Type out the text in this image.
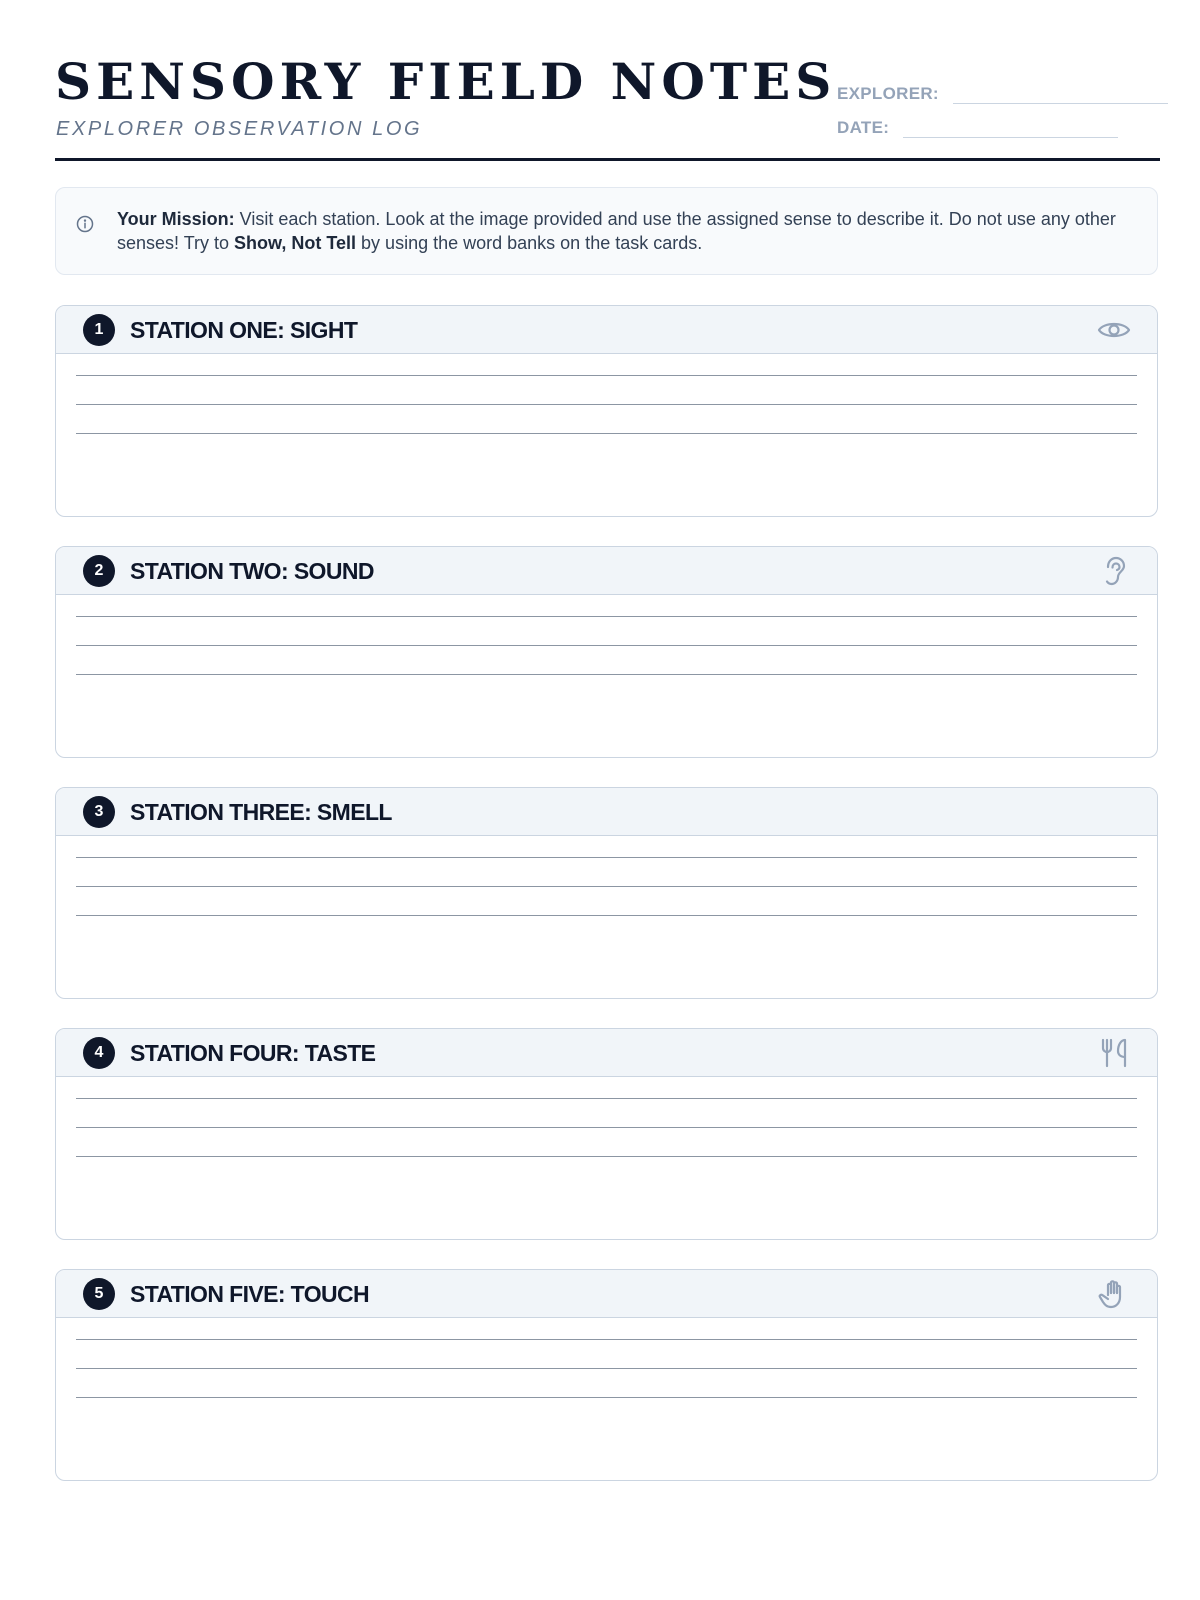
SENSORY FIELD NOTES
EXPLORER OBSERVATION LOG
EXPLORER:
DATE:
Your Mission: Visit each station. Look at the image provided and use the assigned sense to describe it. Do not use any other senses! Try to Show, Not Tell by using the word banks on the task cards.
1	STATION ONE: SIGHT
2	STATION TWO: SOUND
3	STATION THREE: SMELL
4	STATION FOUR: TASTE
5	STATION FIVE: TOUCH
